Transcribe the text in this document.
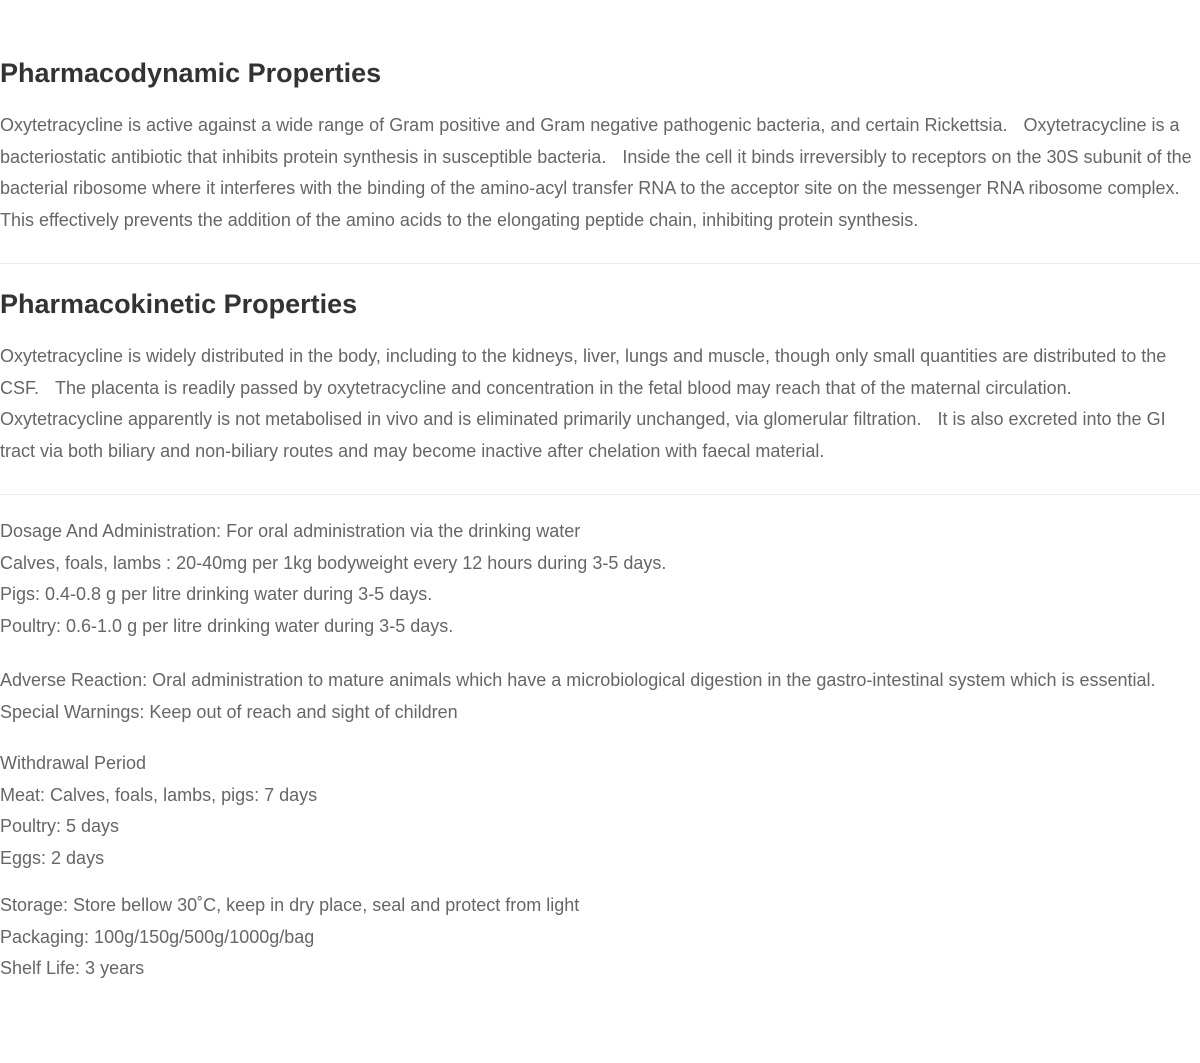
Pharmacodynamic Properties
Oxytetracycline is active against a wide range of Gram positive and Gram negative pathogenic bacteria, and certain Rickettsia. Oxytetracycline is a bacteriostatic antibiotic that inhibits protein synthesis in susceptible bacteria. Inside the cell it binds irreversibly to receptors on the 30S subunit of the bacterial ribosome where it interferes with the binding of the amino-acyl transfer RNA to the acceptor site on the messenger RNA ribosome complex.This effectively prevents the addition of the amino acids to the elongating peptide chain, inhibiting protein synthesis.
Pharmacokinetic Properties
Oxytetracycline is widely distributed in the body, including to the kidneys, liver, lungs and muscle, though only small quantities are distributed to the CSF. The placenta is readily passed by oxytetracycline and concentration in the fetal blood may reach that of the maternal circulation.Oxytetracycline apparently is not metabolised in vivo and is eliminated primarily unchanged, via glomerular filtration. It is also excreted into the GI tract via both biliary and non-biliary routes and may become inactive after chelation with faecal material.
Dosage And Administration: For oral administration via the drinking water
Calves, foals, lambs : 20-40mg per 1kg bodyweight every 12 hours during 3-5 days.
Pigs: 0.4-0.8 g per litre drinking water during 3-5 days.
Poultry: 0.6-1.0 g per litre drinking water during 3-5 days.
Adverse Reaction: Oral administration to mature animals which have a microbiological digestion in the gastro-intestinal system which is essential.
Special Warnings: Keep out of reach and sight of children
Withdrawal Period
Meat: Calves, foals, lambs, pigs: 7 days
Poultry: 5 days
Eggs: 2 days
Storage: Store bellow 30˚C, keep in dry place, seal and protect from light
Packaging: 100g/150g/500g/1000g/bag
Shelf Life: 3 years
